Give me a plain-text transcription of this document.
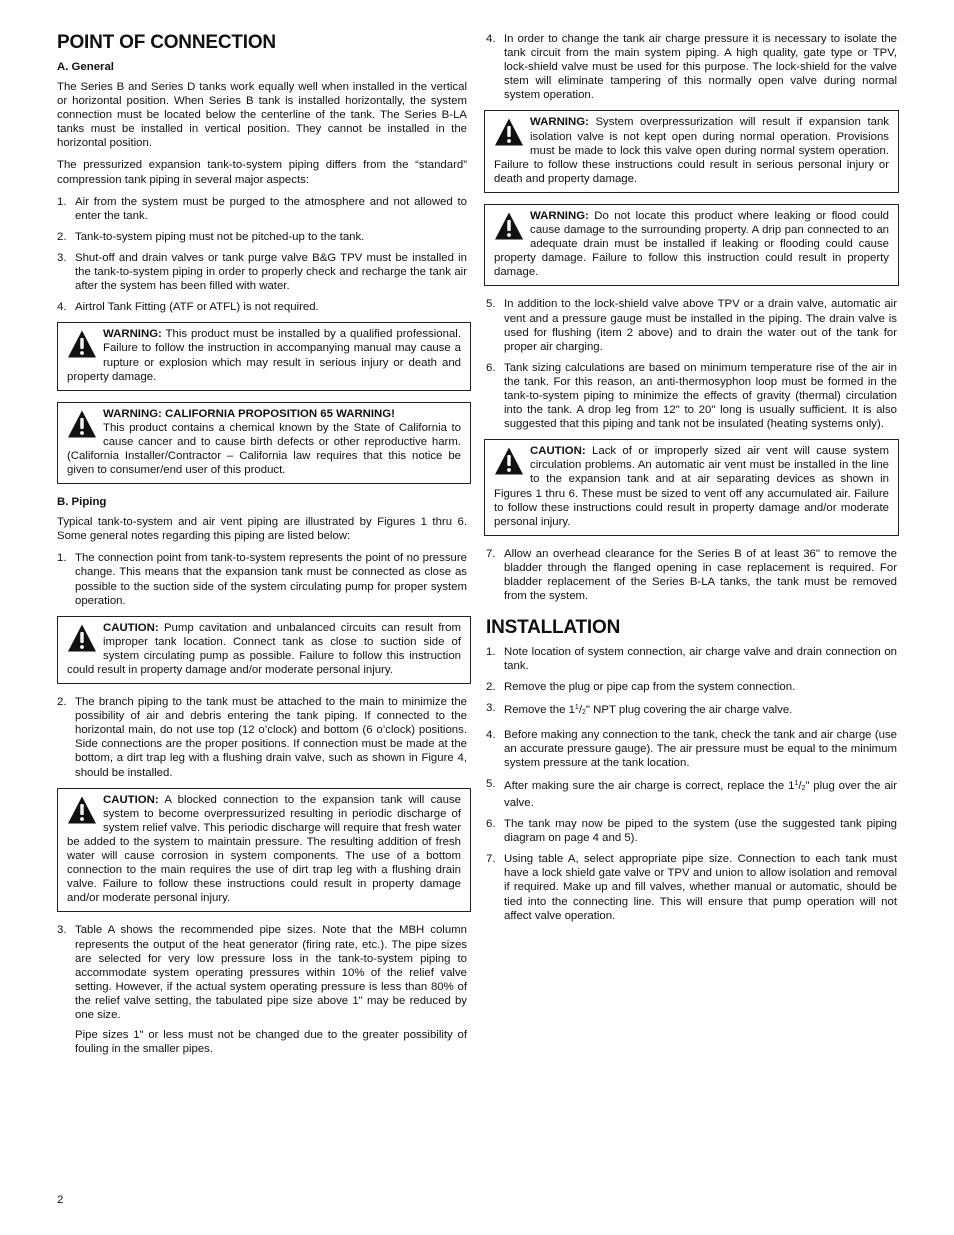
POINT OF CONNECTION
A. General

The Series B and Series D tanks work equally well when installed in the vertical or horizontal position. When Series B tank is installed horizontally, the system connection must be located below the centerline of the tank. The Series B-LA tanks must be installed in vertical position. They cannot be installed in the horizontal position.

The pressurized expansion tank-to-system piping differs from the “standard” compression tank piping in several major aspects:

1. Air from the system must be purged to the atmosphere and not allowed to enter the tank.
2. Tank-to-system piping must not be pitched-up to the tank.
3. Shut-off and drain valves or tank purge valve B&G TPV must be installed in the tank-to-system piping in order to properly check and recharge the tank air after the system has been filled with water.
4. Airtrol Tank Fitting (ATF or ATFL) is not required.
WARNING: This product must be installed by a qualified professional. Failure to follow the instruction in accompanying manual may cause a rupture or explosion which may result in serious injury or death and property damage.
WARNING: CALIFORNIA PROPOSITION 65 WARNING!
This product contains a chemical known by the State of California to cause cancer and to cause birth defects or other reproductive harm. (California Installer/Contractor – California law requires that this notice be given to consumer/end user of this product.
B. Piping

Typical tank-to-system and air vent piping are illustrated by Figures 1 thru 6. Some general notes regarding this piping are listed below:

1. The connection point from tank-to-system represents the point of no pressure change. This means that the expansion tank must be connected as close as possible to the suction side of the system circulating pump for proper system operation.
CAUTION: Pump cavitation and unbalanced circuits can result from improper tank location. Connect tank as close to suction side of system circulating pump as possible. Failure to follow this instruction could result in property damage and/or moderate personal injury.
2. The branch piping to the tank must be attached to the main to minimize the possibility of air and debris entering the tank piping. If connected to the horizontal main, do not use top (12 o’clock) and bottom (6 o’clock) positions. Side connections are the proper positions. If connection must be made at the bottom, a dirt trap leg with a flushing drain valve, such as shown in Figure 4, should be installed.
CAUTION: A blocked connection to the expansion tank will cause system to become overpressurized resulting in periodic discharge of system relief valve. This periodic discharge will require that fresh water be added to the system to maintain pressure. The resulting addition of fresh water will cause corrosion in system components. The use of a bottom connection to the main requires the use of dirt trap leg with a flushing drain valve. Failure to follow these instructions could result in property damage and/or moderate personal injury.
3. Table A shows the recommended pipe sizes. Note that the MBH column represents the output of the heat generator (firing rate, etc.). The pipe sizes are selected for very low pressure loss in the tank-to-system piping to accommodate system operating pressures within 10% of the relief valve setting. However, if the actual system operating pressure is less than 80% of the relief valve setting, the tabulated pipe size above 1" may be reduced by one size.

Pipe sizes 1" or less must not be changed due to the greater possibility of fouling in the smaller pipes.

4. In order to change the tank air charge pressure it is necessary to isolate the tank circuit from the main system piping. A high quality, gate type or TPV, lock-shield valve must be used for this purpose. The lock-shield for the valve stem will eliminate tampering of this normally open valve during normal system operation.
WARNING: System overpressurization will result if expansion tank isolation valve is not kept open during normal operation. Provisions must be made to lock this valve open during normal system operation. Failure to follow these instructions could result in serious personal injury or death and property damage.
WARNING: Do not locate this product where leaking or flood could cause damage to the surrounding property. A drip pan connected to an adequate drain must be installed if leaking or flooding could cause property damage. Failure to follow this instruction could result in property damage.
5. In addition to the lock-shield valve above TPV or a drain valve, automatic air vent and a pressure gauge must be installed in the piping. The drain valve is used for flushing (item 2 above) and to drain the water out of the tank for proper air charging.
6. Tank sizing calculations are based on minimum temperature rise of the air in the tank. For this reason, an anti-thermosyphon loop must be formed in the tank-to-system piping to minimize the effects of gravity (thermal) circulation into the tank. A drop leg from 12" to 20" long is usually sufficient. It is also suggested that this piping and tank not be insulated (heating systems only).
CAUTION: Lack of or improperly sized air vent will cause system circulation problems. An automatic air vent must be installed in the line to the expansion tank and at air separating devices as shown in Figures 1 thru 6. These must be sized to vent off any accumulated air. Failure to follow these instructions could result in property damage and/or moderate personal injury.
7. Allow an overhead clearance for the Series B of at least 36" to remove the bladder through the flanged opening in case replacement is required. For bladder replacement of the Series B-LA tanks, the tank must be removed from the system.
INSTALLATION
1. Note location of system connection, air charge valve and drain connection on tank.
2. Remove the plug or pipe cap from the system connection.
3. Remove the $1^1/_2$" NPT plug covering the air charge valve.
4. Before making any connection to the tank, check the tank and air charge (use an accurate pressure gauge). The air pressure must be equal to the minimum system pressure at the tank location.
5. After making sure the air charge is correct, replace the $1^1/_2$" plug over the air valve.
6. The tank may now be piped to the system (use the suggested tank piping diagram on page 4 and 5).
7. Using table A, select appropriate pipe size. Connection to each tank must have a lock shield gate valve or TPV and union to allow isolation and removal if required. Make up and fill valves, whether manual or automatic, should be tied into the connecting line. This will ensure that pump operation will not affect valve operation.
2
